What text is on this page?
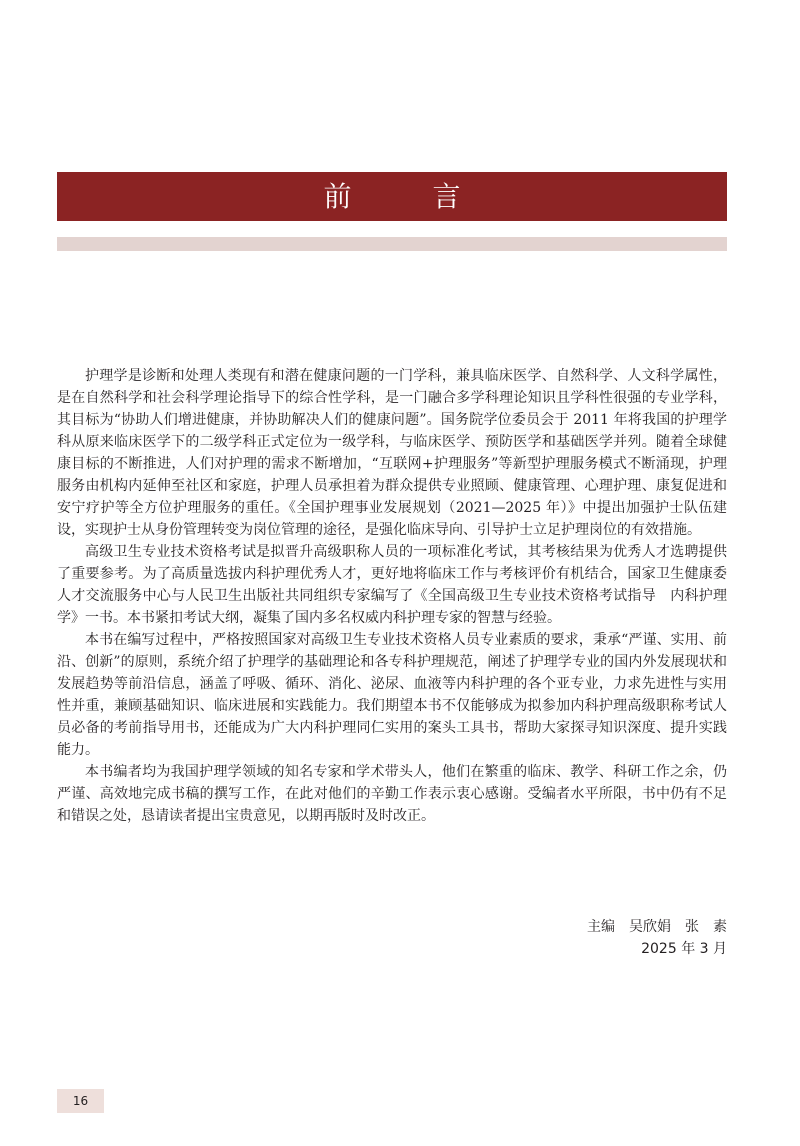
前 言

护理学是诊断和处理人类现有和潜在健康问题的一门学科，兼具临床医学、自然科学、人文科学属性，是在自然科学和社会科学理论指导下的综合性学科，是一门融合多学科理论知识且学科性很强的专业学科，其目标为“协助人们增进健康，并协助解决人们的健康问题”。国务院学位委员会于 2011 年将我国的护理学科从原来临床医学下的二级学科正式定位为一级学科，与临床医学、预防医学和基础医学并列。随着全球健康目标的不断推进，人们对护理的需求不断增加，“互联网+护理服务”等新型护理服务模式不断涌现，护理服务由机构内延伸至社区和家庭，护理人员承担着为群众提供专业照顾、健康管理、心理护理、康复促进和安宁疗护等全方位护理服务的重任。《全国护理事业发展规划（2021—2025 年）》中提出加强护士队伍建设，实现护士从身份管理转变为岗位管理的途径，是强化临床导向、引导护士立足护理岗位的有效措施。

高级卫生专业技术资格考试是拟晋升高级职称人员的一项标准化考试，其考核结果为优秀人才选聘提供了重要参考。为了高质量选拔内科护理优秀人才，更好地将临床工作与考核评价有机结合，国家卫生健康委人才交流服务中心与人民卫生出版社共同组织专家编写了《全国高级卫生专业技术资格考试指导　内科护理学》一书。本书紧扣考试大纲，凝集了国内多名权威内科护理专家的智慧与经验。

本书在编写过程中，严格按照国家对高级卫生专业技术资格人员专业素质的要求，秉承“严谨、实用、前沿、创新”的原则，系统介绍了护理学的基础理论和各专科护理规范，阐述了护理学专业的国内外发展现状和发展趋势等前沿信息，涵盖了呼吸、循环、消化、泌尿、血液等内科护理的各个亚专业，力求先进性与实用性并重，兼顾基础知识、临床进展和实践能力。我们期望本书不仅能够成为拟参加内科护理高级职称考试人员必备的考前指导用书，还能成为广大内科护理同仁实用的案头工具书，帮助大家探寻知识深度、提升实践能力。

本书编者均为我国护理学领域的知名专家和学术带头人，他们在繁重的临床、教学、科研工作之余，仍严谨、高效地完成书稿的撰写工作，在此对他们的辛勤工作表示衷心感谢。受编者水平所限，书中仍有不足和错误之处，恳请读者提出宝贵意见，以期再版时及时改正。

主编　吴欣娟　张　素
2025 年 3 月
16
